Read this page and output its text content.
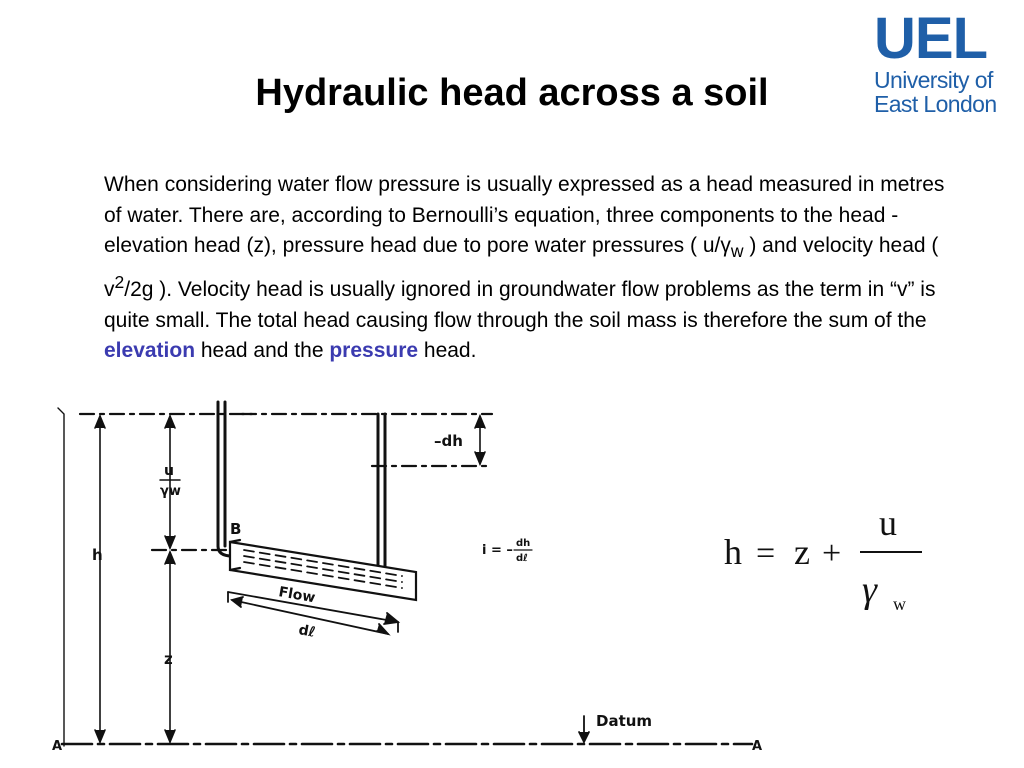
Hydraulic head across a soil
UEL
University of
East London

When considering water flow pressure is usually expressed as a head measured in metres of water. There are, according to Bernoulli’s equation, three components to the head - elevation head (z), pressure head due to pore water pressures ( $u/\gamma_w$ ) and velocity head ( $v^2/2g$ ). Velocity head is usually ignored in groundwater flow problems as the term in “v” is quite small. The total head causing flow through the soil mass is therefore the sum of the elevation head and the pressure head.

u
γw
h
z
B
Flow
dℓ
–dh
i = – dh
dℓ
Datum
A	A
h = z +
u
γ w
